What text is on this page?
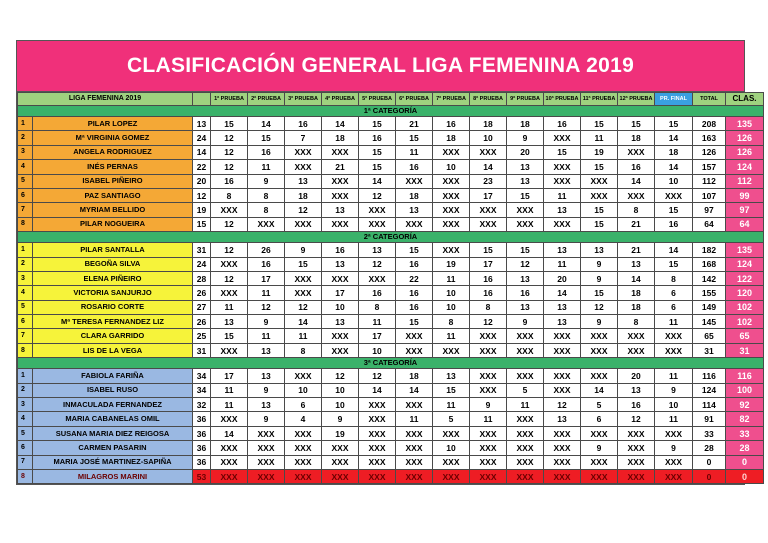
CLASIFICACIÓN GENERAL LIGA FEMENINA 2019
LIGA FEMENINA 2019			1ª PRUEBA	2ª PRUEBA	3ª PRUEBA	4ª PRUEBA	5ª PRUEBA	6ª PRUEBA	7ª PRUEBA	8ª PRUEBA	9ª PRUEBA	10ª PRUEBA	11ª PRUEBA	12ª PRUEBA	PR. FINAL	TOTAL	CLAS.
1ª CATEGORÍA																	
1	PILAR LOPEZ	13	15	14	16	14	15	21	16	18	18	16	15	15	15	208	135
2	Mª VIRGINIA GOMEZ	24	12	15	7	18	16	15	18	10	9	XXX	11	18	14	163	126
3	ANGELA RODRIGUEZ	14	12	16	XXX	XXX	15	11	XXX	XXX	20	15	19	XXX	18	126	126
4	INÉS PERNAS	22	12	11	XXX	21	15	16	10	14	13	XXX	15	16	14	157	124
5	ISABEL PIÑEIRO	20	16	9	13	XXX	14	XXX	XXX	23	13	XXX	XXX	14	10	112	112
6	PAZ SANTIAGO	12	8	8	18	XXX	12	18	XXX	17	15	11	XXX	XXX	XXX	107	99
7	MYRIAM BELLIDO	19	XXX	8	12	13	XXX	13	XXX	XXX	XXX	13	15	8	15	97	97
8	PILAR NOGUEIRA	15	12	XXX	XXX	XXX	XXX	XXX	XXX	XXX	XXX	XXX	15	21	16	64	64
2ª CATEGORÍA																	
1	PILAR SANTALLA	31	12	26	9	16	13	15	XXX	15	15	13	13	21	14	182	135
2	BEGOÑA SILVA	24	XXX	16	15	13	12	16	19	17	12	11	9	13	15	168	124
3	ELENA PIÑEIRO	28	12	17	XXX	XXX	XXX	22	11	16	13	20	9	14	8	142	122
4	VICTORIA SANJURJO	26	XXX	11	XXX	17	16	16	10	16	16	14	15	18	6	155	120
5	ROSARIO CORTE	27	11	12	12	10	8	16	10	8	13	13	12	18	6	149	102
6	Mª TERESA FERNANDEZ LIZ	26	13	9	14	13	11	15	8	12	9	13	9	8	11	145	102
7	CLARA GARRIDO	25	15	11	11	XXX	17	XXX	11	XXX	XXX	XXX	XXX	XXX	XXX	65	65
8	LIS DE LA VEGA	31	XXX	13	8	XXX	10	XXX	XXX	XXX	XXX	XXX	XXX	XXX	XXX	31	31
3ª CATEGORÍA																	
1	FABIOLA FARIÑA	34	17	13	XXX	12	12	18	13	XXX	XXX	XXX	XXX	20	11	116	116
2	ISABEL RUSO	34	11	9	10	10	14	14	15	XXX	5	XXX	14	13	9	124	100
3	INMACULADA FERNANDEZ	32	11	13	6	10	XXX	XXX	11	9	11	12	5	16	10	114	92
4	MARIA CABANELAS OMIL	36	XXX	9	4	9	XXX	11	5	11	XXX	13	6	12	11	91	82
5	SUSANA MARIA DIEZ REIGOSA	36	14	XXX	XXX	19	XXX	XXX	XXX	XXX	XXX	XXX	XXX	XXX	XXX	33	33
6	CARMEN PASARIN	36	XXX	XXX	XXX	XXX	XXX	XXX	10	XXX	XXX	XXX	9	XXX	9	28	28
7	MARIA JOSÉ MARTINEZ-SAPIÑA	36	XXX	XXX	XXX	XXX	XXX	XXX	XXX	XXX	XXX	XXX	XXX	XXX	XXX	0	0
8	MILAGROS MARINI	53	XXX	XXX	XXX	XXX	XXX	XXX	XXX	XXX	XXX	XXX	XXX	XXX	XXX	0	0
